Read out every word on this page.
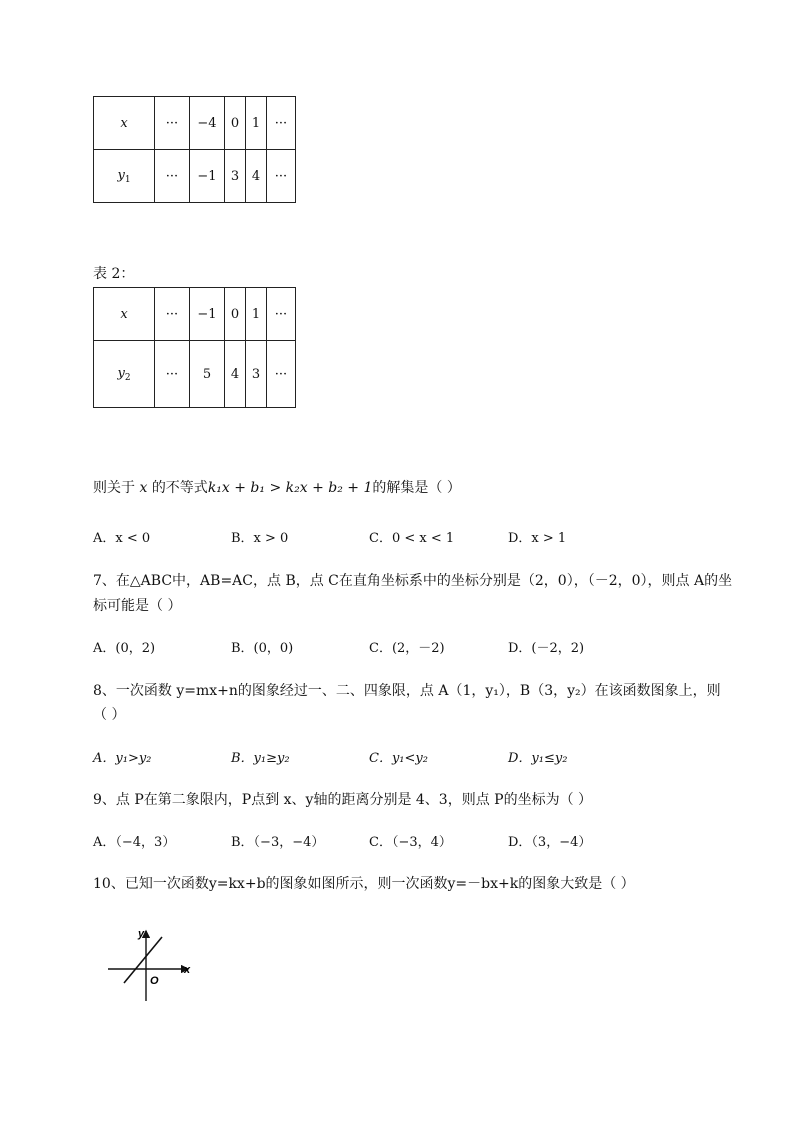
x	···	−4	0	1	···
$y_1$	···	−1	3	4	···
表 2：
x	···	−1	0	1	···
$y_2$	···	5	4	3	···
则关于 x 的不等式k₁x + b₁ > k₂x + b₂ + 1的解集是（ ）
A．x < 0	B．x > 0	C．0 < x < 1	D．x > 1
7、在△ABC中，AB=AC，点 B，点 C在直角坐标系中的坐标分别是（2，0），（－2，0），则点 A的坐
标可能是（ ）
A．(0，2)	B．(0，0)	C．(2，－2)	D．(－2，2)
8、一次函数 y=mx+n的图象经过一、二、四象限，点 A（1，y₁），B（3，y₂）在该函数图象上，则
（ ）
A．y₁>y₂	B．y₁≥y₂	C．y₁<y₂	D．y₁≤y₂
9、点 P在第二象限内，P点到 x、y轴的距离分别是 4、3，则点 P的坐标为（ ）
A．（−4，3）	B．（−3，−4）	C．（−3，4）	D．（3，−4）
10、已知一次函数y=kx+b的图象如图所示，则一次函数y=－bx+k的图象大致是（ ）
x
y
O
